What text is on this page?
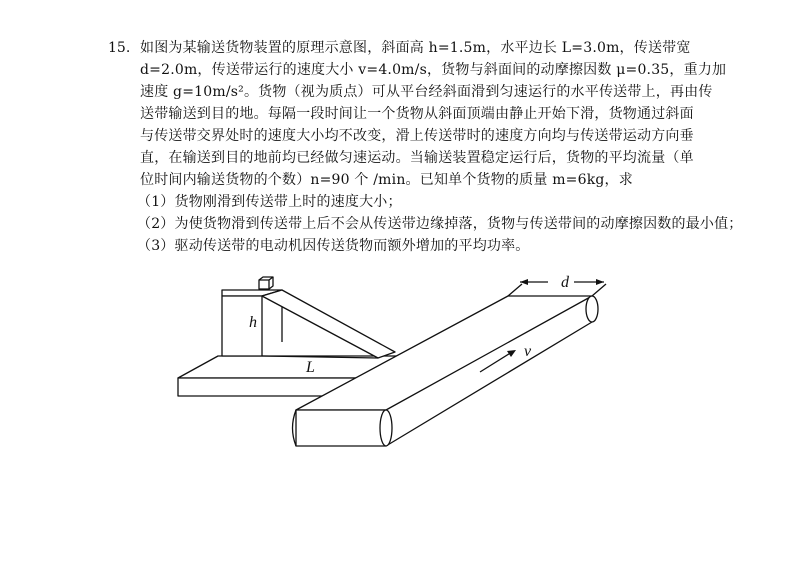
15. 如图为某输送货物装置的原理示意图，斜面高 h=1.5m，水平边长 L=3.0m，传送带宽
d=2.0m，传送带运行的速度大小 v=4.0m/s，货物与斜面间的动摩擦因数 μ=0.35，重力加
速度 g=10m/s²。货物（视为质点）可从平台经斜面滑到匀速运行的水平传送带上，再由传
送带输送到目的地。每隔一段时间让一个货物从斜面顶端由静止开始下滑，货物通过斜面
与传送带交界处时的速度大小均不改变，滑上传送带时的速度方向均与传送带运动方向垂
直，在输送到目的地前均已经做匀速运动。当输送装置稳定运行后，货物的平均流量（单
位时间内输送货物的个数）n=90 个 /min。已知单个货物的质量 m=6kg，求
（1）货物刚滑到传送带上时的速度大小；
（2）为使货物滑到传送带上后不会从传送带边缘掉落，货物与传送带间的动摩擦因数的最小值；
（3）驱动传送带的电动机因传送货物而额外增加的平均功率。
h
L
d
v
